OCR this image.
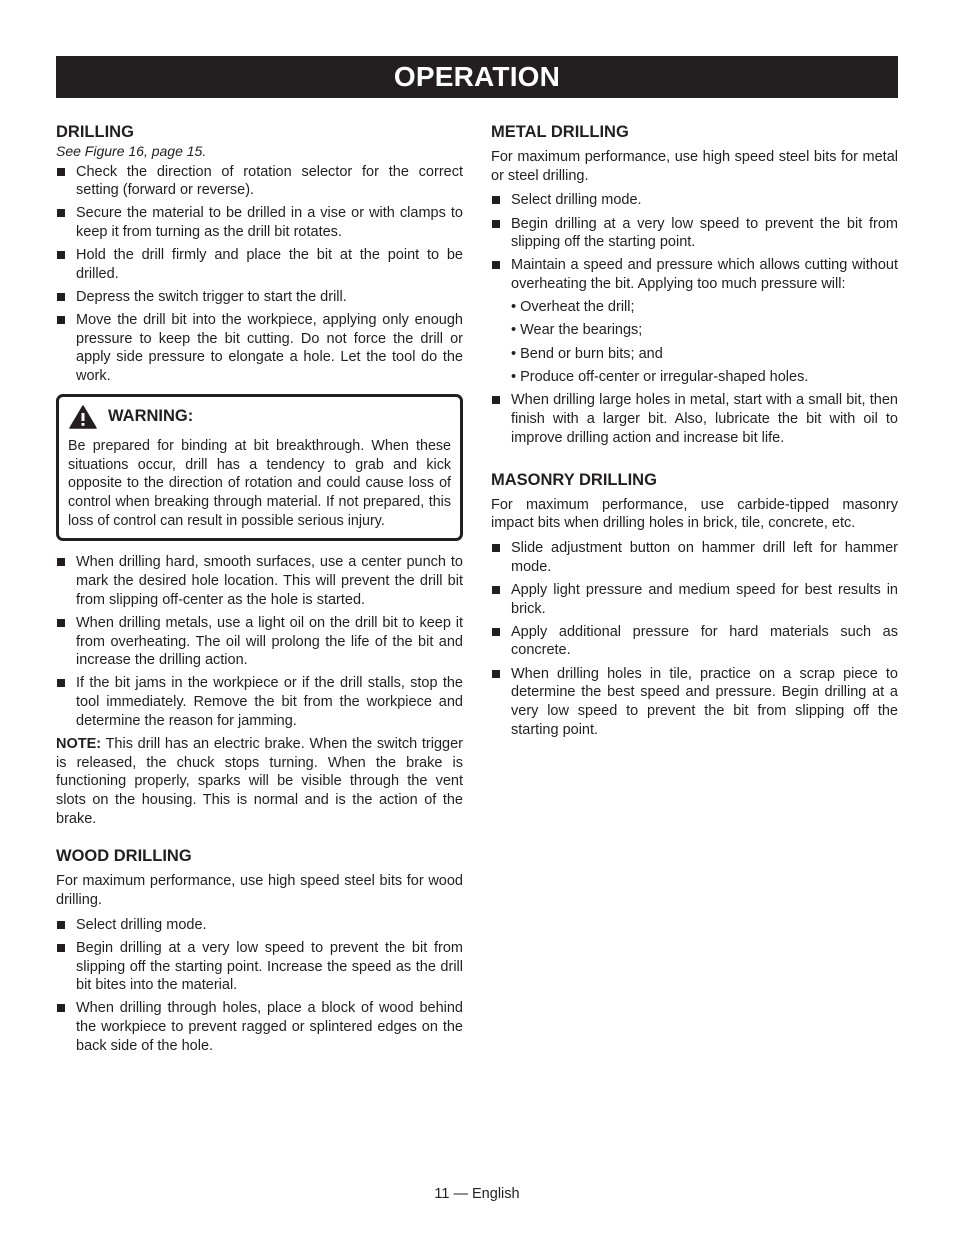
OPERATION
DRILLING
See Figure 16, page 15.
Check the direction of rotation selector for the correct setting (forward or reverse).
Secure the material to be drilled in a vise or with clamps to keep it from turning as the drill bit rotates.
Hold the drill firmly and place the bit at the point to be drilled.
Depress the switch trigger to start the drill.
Move the drill bit into the workpiece, applying only enough pressure to keep the bit cutting. Do not force the drill or apply side pressure to elongate a hole. Let the tool do the work.
WARNING:

Be prepared for binding at bit breakthrough. When these situations occur, drill has a tendency to grab and kick opposite to the direction of rotation and could cause loss of control when breaking through material. If not prepared, this loss of control can result in possible serious injury.

When drilling hard, smooth surfaces, use a center punch to mark the desired hole location. This will prevent the drill bit from slipping off-center as the hole is started.
When drilling metals, use a light oil on the drill bit to keep it from overheating. The oil will prolong the life of the bit and increase the drilling action.
If the bit jams in the workpiece or if the drill stalls, stop the tool immediately. Remove the bit from the workpiece and determine the reason for jamming.

NOTE: This drill has an electric brake. When the switch trigger is released, the chuck stops turning. When the brake is functioning properly, sparks will be visible through the vent slots on the housing. This is normal and is the action of the brake.

WOOD DRILLING

For maximum performance, use high speed steel bits for wood drilling.

Select drilling mode.
Begin drilling at a very low speed to prevent the bit from slipping off the starting point. Increase the speed as the drill bit bites into the material.
When drilling through holes, place a block of wood behind the workpiece to prevent ragged or splintered edges on the back side of the hole.
METAL DRILLING

For maximum performance, use high speed steel bits for metal or steel drilling.

Select drilling mode.
Begin drilling at a very low speed to prevent the bit from slipping off the starting point.
Maintain a speed and pressure which allows cutting without overheating the bit. Applying too much pressure will:
• Overheat the drill;
• Wear the bearings;
• Bend or burn bits; and
• Produce off-center or irregular-shaped holes.
When drilling large holes in metal, start with a small bit, then finish with a larger bit. Also, lubricate the bit with oil to improve drilling action and increase bit life.
MASONRY DRILLING

For maximum performance, use carbide-tipped masonry impact bits when drilling holes in brick, tile, concrete, etc.

Slide adjustment button on hammer drill left for hammer mode.
Apply light pressure and medium speed for best results in brick.
Apply additional pressure for hard materials such as concrete.
When drilling holes in tile, practice on a scrap piece to determine the best speed and pressure. Begin drilling at a very low speed to prevent the bit from slipping off the starting point.
11 — English
